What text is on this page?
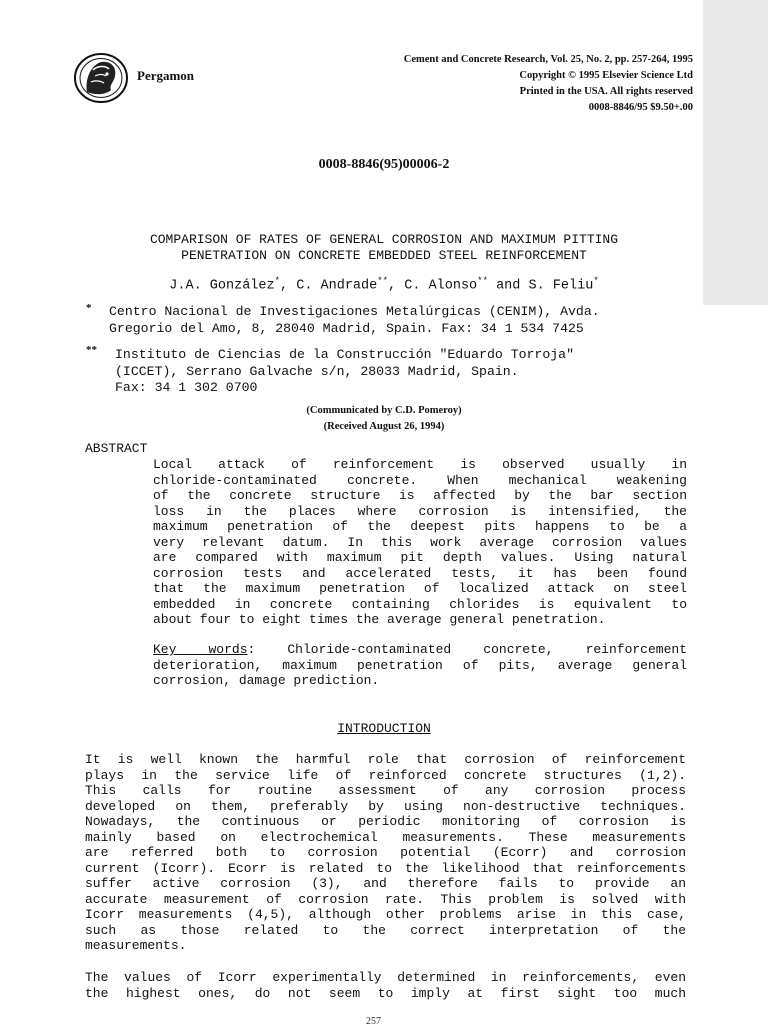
Pergamon
Cement and Concrete Research, Vol. 25, No. 2, pp. 257-264, 1995
Copyright © 1995 Elsevier Science Ltd
Printed in the USA. All rights reserved
0008-8846/95 $9.50+.00
0008-8846(95)00006-2
COMPARISON OF RATES OF GENERAL CORROSION AND MAXIMUM PITTING
PENETRATION ON CONCRETE EMBEDDED STEEL REINFORCEMENT
J.A. González*, C. Andrade**, C. Alonso** and S. Feliu*
* Centro Nacional de Investigaciones Metalúrgicas (CENIM), Avda.
Gregorio del Amo, 8, 28040 Madrid, Spain. Fax: 34 1 534 7425
** Instituto de Ciencias de la Construcción "Eduardo Torroja"
(ICCET), Serrano Galvache s/n, 28033 Madrid, Spain.
Fax: 34 1 302 0700
(Communicated by C.D. Pomeroy)
(Received August 26, 1994)
ABSTRACT
Local attack of reinforcement is observed usually in
chloride-contaminated concrete. When mechanical weakening
of the concrete structure is affected by the bar section
loss in the places where corrosion is intensified, the
maximum penetration of the deepest pits happens to be a
very relevant datum. In this work average corrosion values
are compared with maximum pit depth values. Using natural
corrosion tests and accelerated tests, it has been found
that the maximum penetration of localized attack on steel
embedded in concrete containing chlorides is equivalent to
about four to eight times the average general penetration.
Key words: Chloride-contaminated concrete, reinforcement
deterioration, maximum penetration of pits, average general
corrosion, damage prediction.
INTRODUCTION
It is well known the harmful role that corrosion of reinforcement
plays in the service life of reinforced concrete structures (1,2).
This calls for routine assessment of any corrosion process
developed on them, preferably by using non-destructive techniques.
Nowadays, the continuous or periodic monitoring of corrosion is
mainly based on electrochemical measurements. These measurements
are referred both to corrosion potential (Ecorr) and corrosion
current (Icorr). Ecorr is related to the likelihood that reinforcements
suffer active corrosion (3), and therefore fails to provide an
accurate measurement of corrosion rate. This problem is solved with
Icorr measurements (4,5), although other problems arise in this case,
such as those related to the correct interpretation of the
measurements.
The values of Icorr experimentally determined in reinforcements, even
the highest ones, do not seem to imply at first sight too much
257
